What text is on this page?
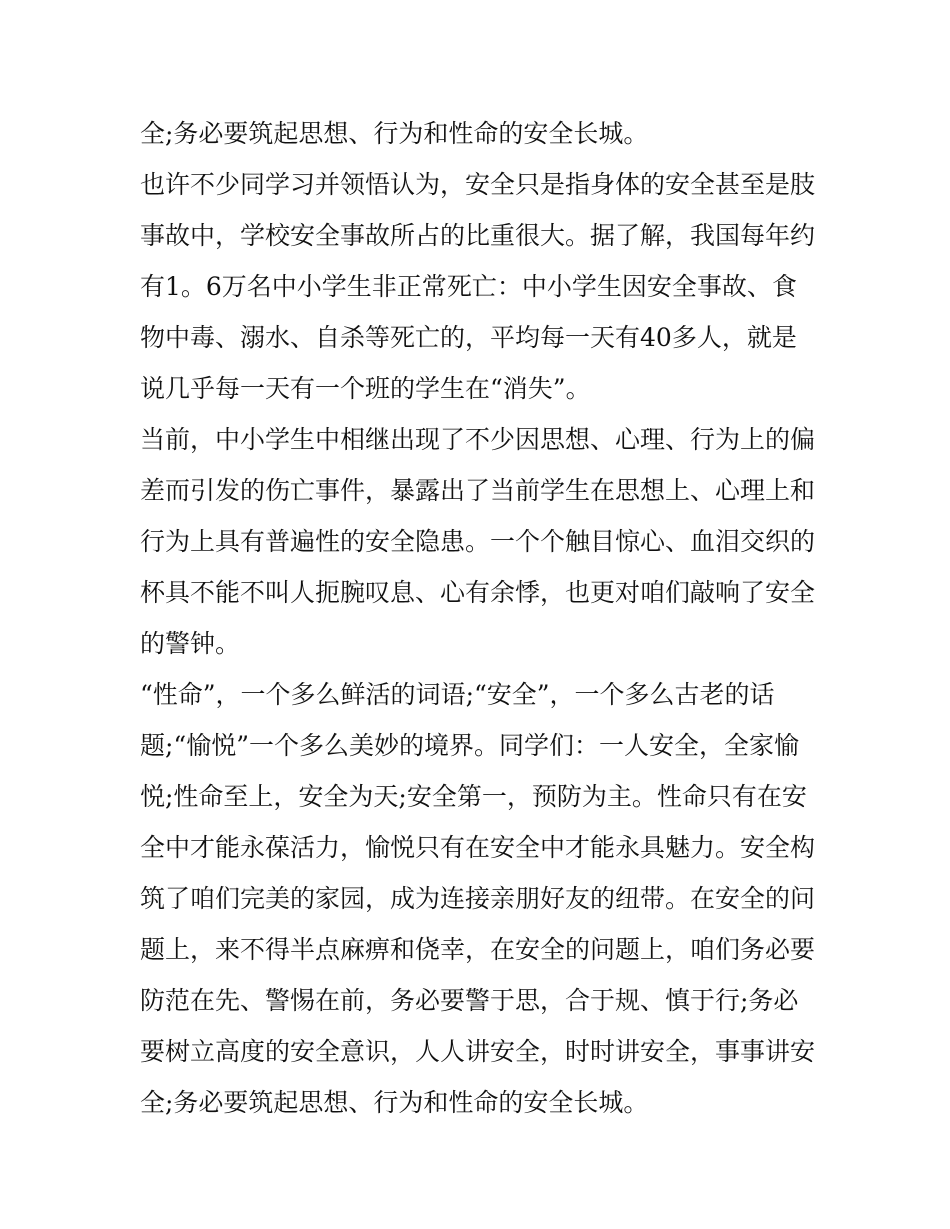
全;务必要筑起思想、行为和性命的安全长城。
也许不少同学习并领悟认为，安全只是指身体的安全甚至是肢
事故中，学校安全事故所占的比重很大。据了解，我国每年约
有1。6万名中小学生非正常死亡：中小学生因安全事故、食
物中毒、溺水、自杀等死亡的，平均每一天有40多人，就是
说几乎每一天有一个班的学生在“消失”。
当前，中小学生中相继出现了不少因思想、心理、行为上的偏
差而引发的伤亡事件，暴露出了当前学生在思想上、心理上和
行为上具有普遍性的安全隐患。一个个触目惊心、血泪交织的
杯具不能不叫人扼腕叹息、心有余悸，也更对咱们敲响了安全
的警钟。
“性命”，一个多么鲜活的词语;“安全”，一个多么古老的话
题;“愉悦”一个多么美妙的境界。同学们：一人安全，全家愉
悦;性命至上，安全为天;安全第一，预防为主。性命只有在安
全中才能永葆活力，愉悦只有在安全中才能永具魅力。安全构
筑了咱们完美的家园，成为连接亲朋好友的纽带。在安全的问
题上，来不得半点麻痹和侥幸，在安全的问题上，咱们务必要
防范在先、警惕在前，务必要警于思，合于规、慎于行;务必
要树立高度的安全意识，人人讲安全，时时讲安全，事事讲安
全;务必要筑起思想、行为和性命的安全长城。
